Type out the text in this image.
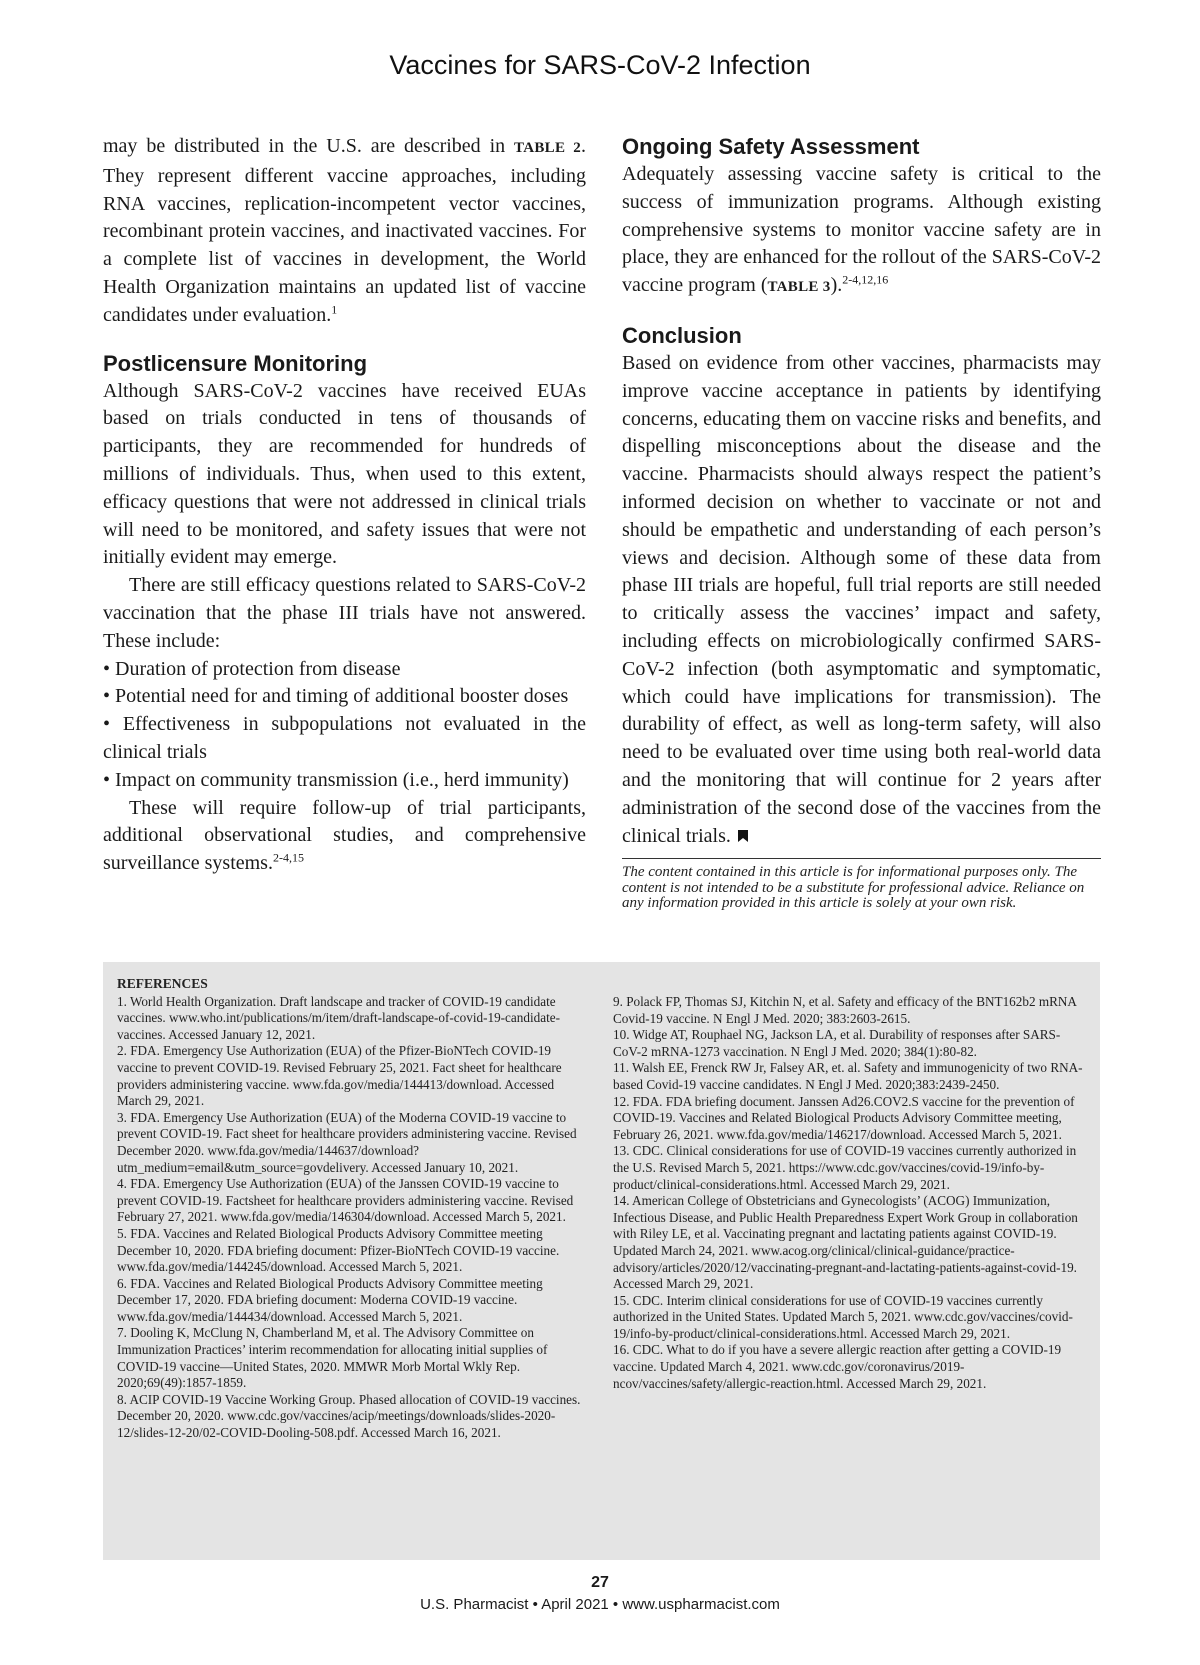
Vaccines for SARS-CoV-2 Infection

may be distributed in the U.S. are described in TABLE 2. They represent different vaccine approaches, including RNA vaccines, replication-incompetent vector vaccines, recombinant protein vaccines, and inactivated vaccines. For a complete list of vaccines in development, the World Health Organization maintains an updated list of vaccine candidates under evaluation.$^1$

Postlicensure Monitoring

Although SARS-CoV-2 vaccines have received EUAs based on trials conducted in tens of thousands of participants, they are recommended for hundreds of millions of individuals. Thus, when used to this extent, efficacy questions that were not addressed in clinical trials will need to be monitored, and safety issues that were not initially evident may emerge.

There are still efficacy questions related to SARS-CoV-2 vaccination that the phase III trials have not answered. These include:

• Duration of protection from disease

• Potential need for and timing of additional booster doses

• Effectiveness in subpopulations not evaluated in the clinical trials

• Impact on community transmission (i.e., herd immunity)

These will require follow-up of trial participants, additional observational studies, and comprehensive surveillance systems.$^{2-4,15}$

Ongoing Safety Assessment

Adequately assessing vaccine safety is critical to the success of immunization programs. Although existing comprehensive systems to monitor vaccine safety are in place, they are enhanced for the rollout of the SARS-CoV-2 vaccine program (TABLE 3).$^{2-4,12,16}$

Conclusion

Based on evidence from other vaccines, pharmacists may improve vaccine acceptance in patients by identifying concerns, educating them on vaccine risks and benefits, and dispelling misconceptions about the disease and the vaccine. Pharmacists should always respect the patient’s informed decision on whether to vaccinate or not and should be empathetic and understanding of each person’s views and decision. Although some of these data from phase III trials are hopeful, full trial reports are still needed to critically assess the vaccines’ impact and safety, including effects on microbiologically confirmed SARS-CoV-2 infection (both asymptomatic and symptomatic, which could have implications for transmission). The durability of effect, as well as long-term safety, will also need to be evaluated over time using both real-world data and the monitoring that will continue for 2 years after administration of the second dose of the vaccines from the clinical trials.

The content contained in this article is for informational purposes only. The content is not intended to be a substitute for professional advice. Reliance on any information provided in this article is solely at your own risk.

REFERENCES

1. World Health Organization. Draft landscape and tracker of COVID-19 candidate vaccines. www.who.int/publications/m/item/draft-landscape-of-covid-19-candidate-vaccines. Accessed January 12, 2021.

2. FDA. Emergency Use Authorization (EUA) of the Pfizer-BioNTech COVID-19 vaccine to prevent COVID-19. Revised February 25, 2021. Fact sheet for healthcare providers administering vaccine. www.fda.gov/media/144413/download. Accessed March 29, 2021.

3. FDA. Emergency Use Authorization (EUA) of the Moderna COVID-19 vaccine to prevent COVID-19. Fact sheet for healthcare providers administering vaccine. Revised December 2020. www.fda.gov/media/144637/download?utm_medium=email&utm_source=govdelivery. Accessed January 10, 2021.

4. FDA. Emergency Use Authorization (EUA) of the Janssen COVID-19 vaccine to prevent COVID-19. Factsheet for healthcare providers administering vaccine. Revised February 27, 2021. www.fda.gov/media/146304/download. Accessed March 5, 2021.

5. FDA. Vaccines and Related Biological Products Advisory Committee meeting December 10, 2020. FDA briefing document: Pfizer-BioNTech COVID-19 vaccine. www.fda.gov/media/144245/download. Accessed March 5, 2021.

6. FDA. Vaccines and Related Biological Products Advisory Committee meeting December 17, 2020. FDA briefing document: Moderna COVID-19 vaccine. www.fda.gov/media/144434/download. Accessed March 5, 2021.

7. Dooling K, McClung N, Chamberland M, et al. The Advisory Committee on Immunization Practices’ interim recommendation for allocating initial supplies of COVID-19 vaccine—United States, 2020. MMWR Morb Mortal Wkly Rep. 2020;69(49):1857-1859.

8. ACIP COVID-19 Vaccine Working Group. Phased allocation of COVID-19 vaccines. December 20, 2020. www.cdc.gov/vaccines/acip/meetings/downloads/slides-2020-12/slides-12-20/02-COVID-Dooling-508.pdf. Accessed March 16, 2021.

9. Polack FP, Thomas SJ, Kitchin N, et al. Safety and efficacy of the BNT162b2 mRNA Covid-19 vaccine. N Engl J Med. 2020; 383:2603-2615.

10. Widge AT, Rouphael NG, Jackson LA, et al. Durability of responses after SARS-CoV-2 mRNA-1273 vaccination. N Engl J Med. 2020; 384(1):80-82.

11. Walsh EE, Frenck RW Jr, Falsey AR, et. al. Safety and immunogenicity of two RNA-based Covid-19 vaccine candidates. N Engl J Med. 2020;383:2439-2450.

12. FDA. FDA briefing document. Janssen Ad26.COV2.S vaccine for the prevention of COVID-19. Vaccines and Related Biological Products Advisory Committee meeting, February 26, 2021. www.fda.gov/media/146217/download. Accessed March 5, 2021.

13. CDC. Clinical considerations for use of COVID-19 vaccines currently authorized in the U.S. Revised March 5, 2021. https://www.cdc.gov/vaccines/covid-19/info-by-product/clinical-considerations.html. Accessed March 29, 2021.

14. American College of Obstetricians and Gynecologists’ (ACOG) Immunization, Infectious Disease, and Public Health Preparedness Expert Work Group in collaboration with Riley LE, et al. Vaccinating pregnant and lactating patients against COVID-19. Updated March 24, 2021. www.acog.org/clinical/clinical-guidance/practice-advisory/articles/2020/12/vaccinating-pregnant-and-lactating-patients-against-covid-19. Accessed March 29, 2021.

15. CDC. Interim clinical considerations for use of COVID-19 vaccines currently authorized in the United States. Updated March 5, 2021. www.cdc.gov/vaccines/covid-19/info-by-product/clinical-considerations.html. Accessed March 29, 2021.

16. CDC. What to do if you have a severe allergic reaction after getting a COVID-19 vaccine. Updated March 4, 2021. www.cdc.gov/coronavirus/2019-ncov/vaccines/safety/allergic-reaction.html. Accessed March 29, 2021.

27
U.S. Pharmacist • April 2021 • www.uspharmacist.com
